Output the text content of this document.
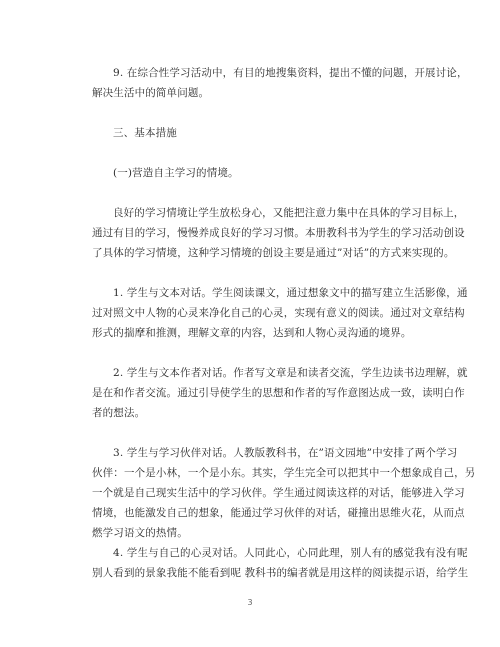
9. 在综合性学习活动中，有目的地搜集资料，提出不懂的问题，开展讨论，
解决生活中的简单问题。

三、基本措施

(一)营造自主学习的情境。

良好的学习情境让学生放松身心，又能把注意力集中在具体的学习目标上，
通过有目的学习，慢慢养成良好的学习习惯。本册教科书为学生的学习活动创设
了具体的学习情境，这种学习情境的创设主要是通过”对话”的方式来实现的。

1. 学生与文本对话。学生阅读课文，通过想象文中的描写建立生活影像，通
过对照文中人物的心灵来净化自己的心灵，实现有意义的阅读。通过对文章结构
形式的揣摩和推测，理解文章的内容，达到和人物心灵沟通的境界。

2. 学生与文本作者对话。作者写文章是和读者交流，学生边读书边理解，就
是在和作者交流。通过引导使学生的思想和作者的写作意图达成一致，读明白作
者的想法。

3. 学生与学习伙伴对话。人教版教科书，在”语文园地”中安排了两个学习
伙伴：一个是小林，一个是小东。其实，学生完全可以把其中一个想象成自己，另
一个就是自己现实生活中的学习伙伴。学生通过阅读这样的对话，能够进入学习
情境，也能激发自己的想象，能通过学习伙伴的对话，碰撞出思维火花，从而点
燃学习语文的热情。

4. 学生与自己的心灵对话。人同此心，心同此理，别人有的感觉我有没有呢
别人看到的景象我能不能看到呢 教科书的编者就是用这样的阅读提示语，给学生

3
